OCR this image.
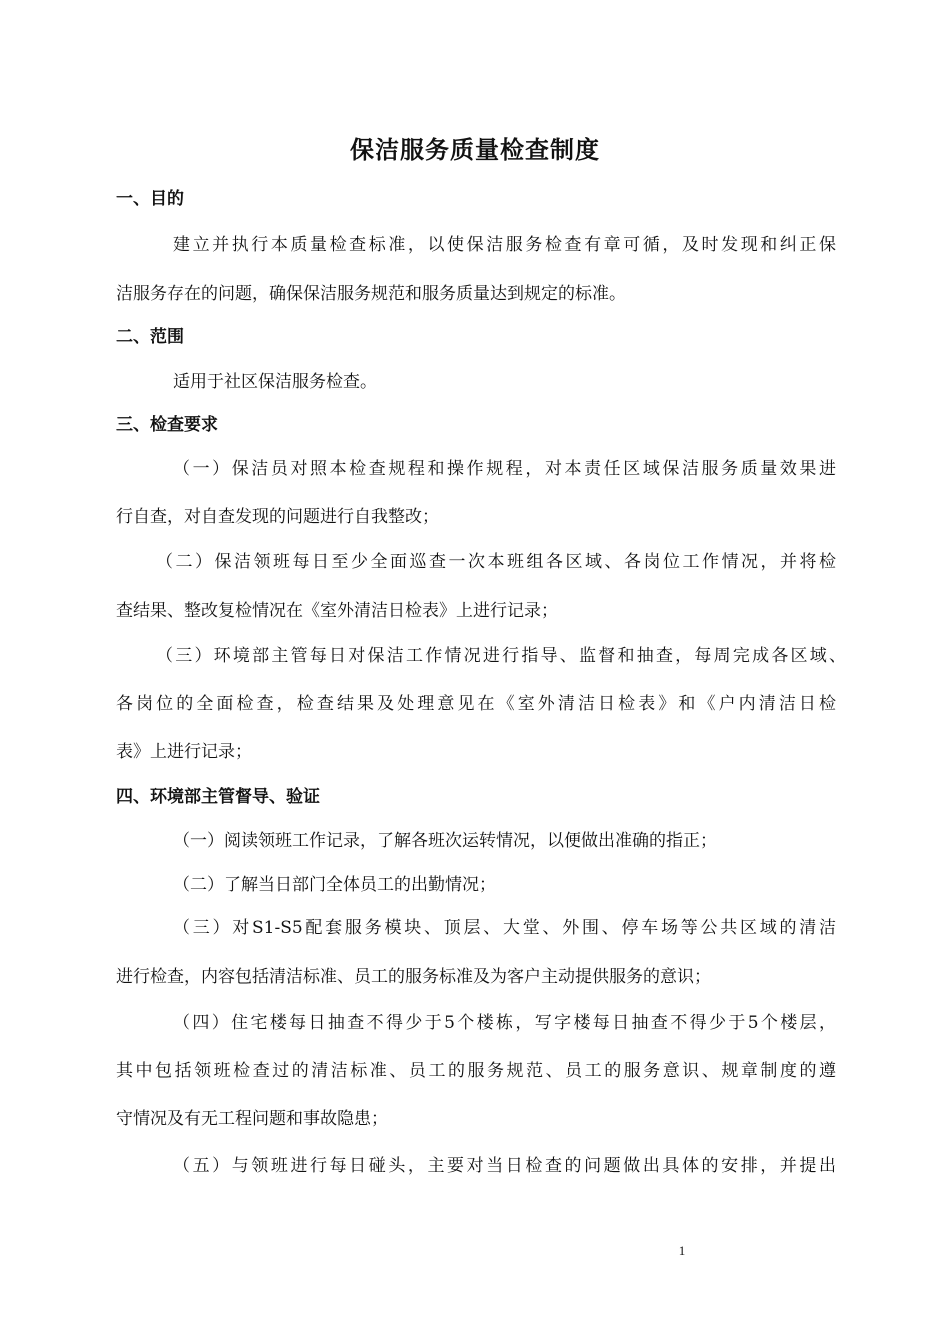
保洁服务质量检查制度
一、目的
建立并执行本质量检查标准，以使保洁服务检查有章可循，及时发现和纠正保
洁服务存在的问题，确保保洁服务规范和服务质量达到规定的标准。
二、范围
适用于社区保洁服务检查。
三、检查要求
（一）保洁员对照本检查规程和操作规程，对本责任区域保洁服务质量效果进
行自查，对自查发现的问题进行自我整改；
（二）保洁领班每日至少全面巡查一次本班组各区域、各岗位工作情况，并将检
查结果、整改复检情况在《室外清洁日检表》上进行记录；
（三）环境部主管每日对保洁工作情况进行指导、监督和抽查，每周完成各区域、
各岗位的全面检查，检查结果及处理意见在《室外清洁日检表》和《户内清洁日检
表》上进行记录；
四、环境部主管督导、验证
（一）阅读领班工作记录，了解各班次运转情况，以便做出准确的指正；
（二）了解当日部门全体员工的出勤情况；
（三）对S1-S5配套服务模块、顶层、大堂、外围、停车场等公共区域的清洁
进行检查，内容包括清洁标准、员工的服务标准及为客户主动提供服务的意识；
（四）住宅楼每日抽查不得少于5个楼栋，写字楼每日抽查不得少于5个楼层，
其中包括领班检查过的清洁标准、员工的服务规范、员工的服务意识、规章制度的遵
守情况及有无工程问题和事故隐患；
（五）与领班进行每日碰头，主要对当日检查的问题做出具体的安排，并提出
1
